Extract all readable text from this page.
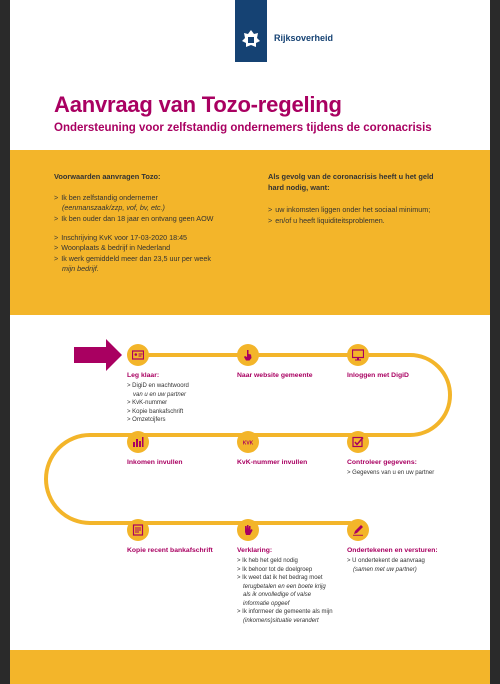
Rijksoverheid
Aanvraag van Tozo-regeling
Ondersteuning voor zelfstandig ondernemers tijdens de coronacrisis
Voorwaarden aanvragen Tozo:
> Ik ben zelfstandig ondernemer
(eenmanszaak/zzp, vof, bv, etc.)
> Ik ben ouder dan 18 jaar en ontvang geen AOW
> Inschrijving KvK voor 17-03-2020 18:45
> Woonplaats & bedrijf in Nederland
> Ik werk gemiddeld meer dan 23,5 uur per week
mijn bedrijf.
Als gevolg van de coronacrisis heeft u het geld
hard nodig, want:
> uw inkomsten liggen onder het sociaal minimum;
> en/of u heeft liquiditeitsproblemen.
Leg klaar:
> DigiD en wachtwoord
van u en uw partner
> KvK-nummer
> Kopie bankafschrift
> Omzetcijfers
Naar website gemeente	Inloggen met DigiD
Inkomen invullen
KVK
KvK-nummer invullen	Controleer gegevens:
> Gegevens van u en uw partner
Kopie recent bankafschrift	Verklaring:
> Ik heb het geld nodig
> Ik behoor tot de doelgroep
> Ik weet dat ik het bedrag moet
terugbetalen en een boete krijg
als ik onvolledige of valse
informatie opgeef
> Ik informeer de gemeente als mijn
(inkomens)situatie verandert
Ondertekenen en versturen:
> U ondertekent de aanvraag
(samen met uw partner)
